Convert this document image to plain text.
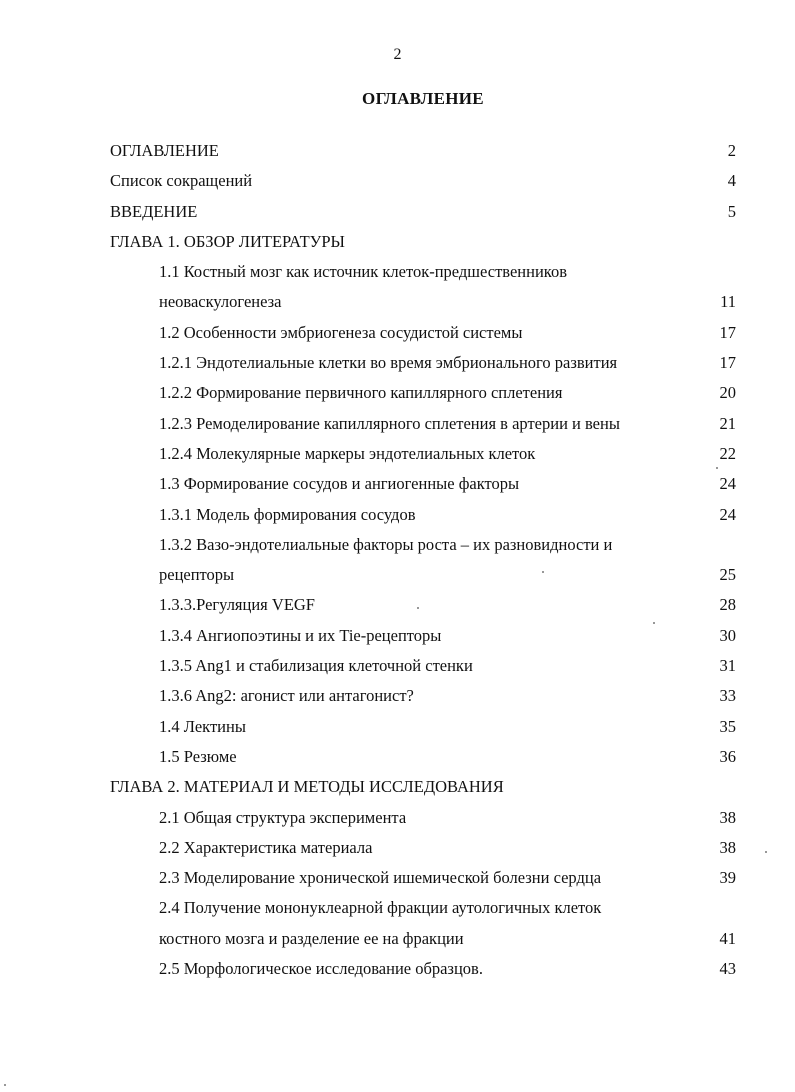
2
ОГЛАВЛЕНИЕ
ОГЛАВЛЕНИЕ	2
Список сокращений	4
ВВЕДЕНИЕ	5
ГЛАВА 1. ОБЗОР ЛИТЕРАТУРЫ
1.1 Костный мозг как источник клеток-предшественников
неоваскулогенеза	11
1.2 Особенности эмбриогенеза сосудистой системы	17
1.2.1 Эндотелиальные клетки во время эмбрионального развития	17
1.2.2 Формирование первичного капиллярного сплетения	20
1.2.3 Ремоделирование капиллярного сплетения в артерии и вены	21
1.2.4 Молекулярные маркеры эндотелиальных клеток	22
1.3 Формирование сосудов и ангиогенные факторы	24
1.3.1 Модель формирования сосудов	24
1.3.2 Вазо-эндотелиальные факторы роста – их разновидности и
рецепторы	25
1.3.3.Регуляция VEGF	28
1.3.4 Ангиопоэтины и их Tie-рецепторы	30
1.3.5 Ang1 и стабилизация клеточной стенки	31
1.3.6 Ang2: агонист или антагонист?	33
1.4 Лектины	35
1.5 Резюме	36
ГЛАВА 2. МАТЕРИАЛ И МЕТОДЫ ИССЛЕДОВАНИЯ
2.1 Общая структура эксперимента	38
2.2 Характеристика материала	38
2.3 Моделирование хронической ишемической болезни сердца	39
2.4 Получение мононуклеарной фракции аутологичных клеток
костного мозга и разделение ее на фракции	41
2.5 Морфологическое исследование образцов.	43
